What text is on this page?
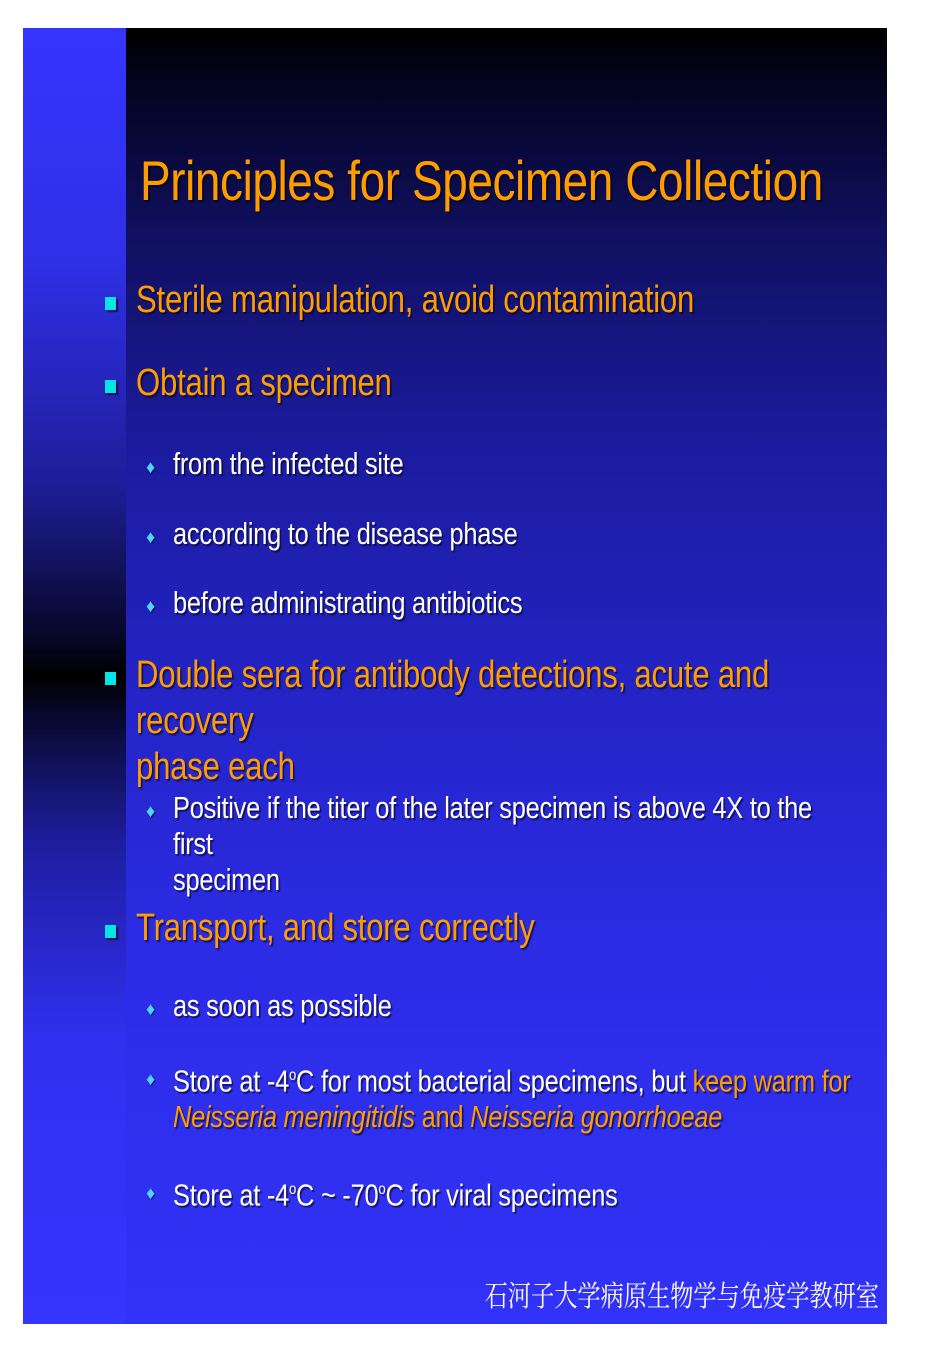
Principles for Specimen Collection
Sterile manipulation, avoid contamination
Obtain a specimen
♦ from the infected site
♦ according to the disease phase
♦ before administrating antibiotics
Double sera for antibody detections, acute and recovery
phase each
♦ Positive if the titer of the later specimen is above 4X to the first
specimen
Transport, and store correctly
♦ as soon as possible
♦ Store at -4$^o$C for most bacterial specimens, but keep warm for
Neisseria meningitidis and Neisseria gonorrhoeae
♦ Store at -4$^o$C ~ -70$^o$C for viral specimens
石河子大学病原生物学与免疫学教研室
